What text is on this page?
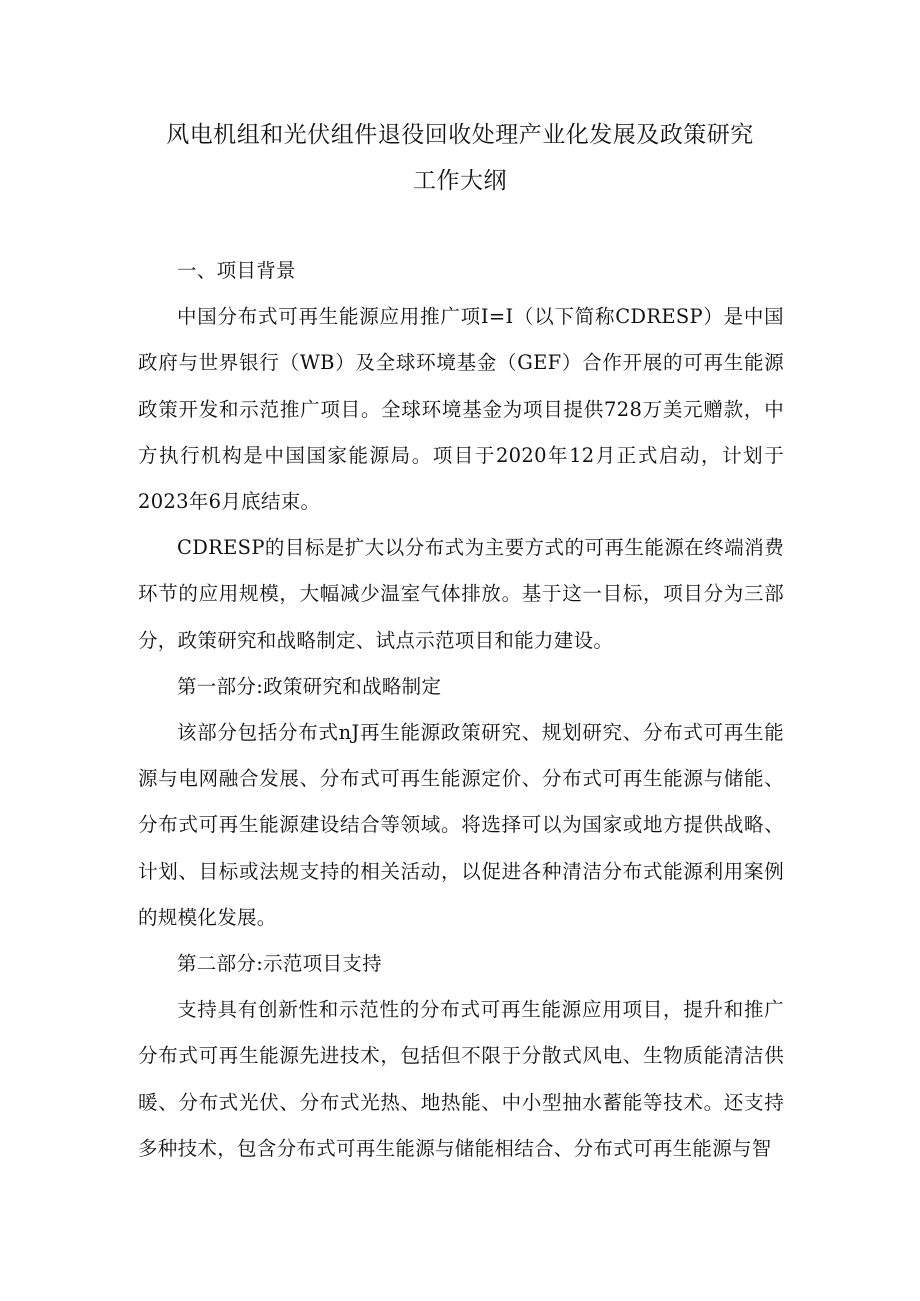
风电机组和光伏组件退役回收处理产业化发展及政策研究
工作大纲

一、项目背景

中国分布式可再生能源应用推广项I=I（以下简称CDRESP）是中国政府与世界银行（WB）及全球环境基金（GEF）合作开展的可再生能源政策开发和示范推广项目。全球环境基金为项目提供728万美元赠款，中方执行机构是中国国家能源局。项目于2020年12月正式启动，计划于2023年6月底结束。

CDRESP的目标是扩大以分布式为主要方式的可再生能源在终端消费环节的应用规模，大幅减少温室气体排放。基于这一目标，项目分为三部分，政策研究和战略制定、试点示范项目和能力建设。

第一部分:政策研究和战略制定

该部分包括分布式nJ再生能源政策研究、规划研究、分布式可再生能源与电网融合发展、分布式可再生能源定价、分布式可再生能源与储能、分布式可再生能源建设结合等领域。将选择可以为国家或地方提供战略、计划、目标或法规支持的相关活动，以促进各种清洁分布式能源利用案例的规模化发展。

第二部分:示范项目支持

支持具有创新性和示范性的分布式可再生能源应用项目，提升和推广分布式可再生能源先进技术，包括但不限于分散式风电、生物质能清洁供暖、分布式光伏、分布式光热、地热能、中小型抽水蓄能等技术。还支持多种技术，包含分布式可再生能源与储能相结合、分布式可再生能源与智
